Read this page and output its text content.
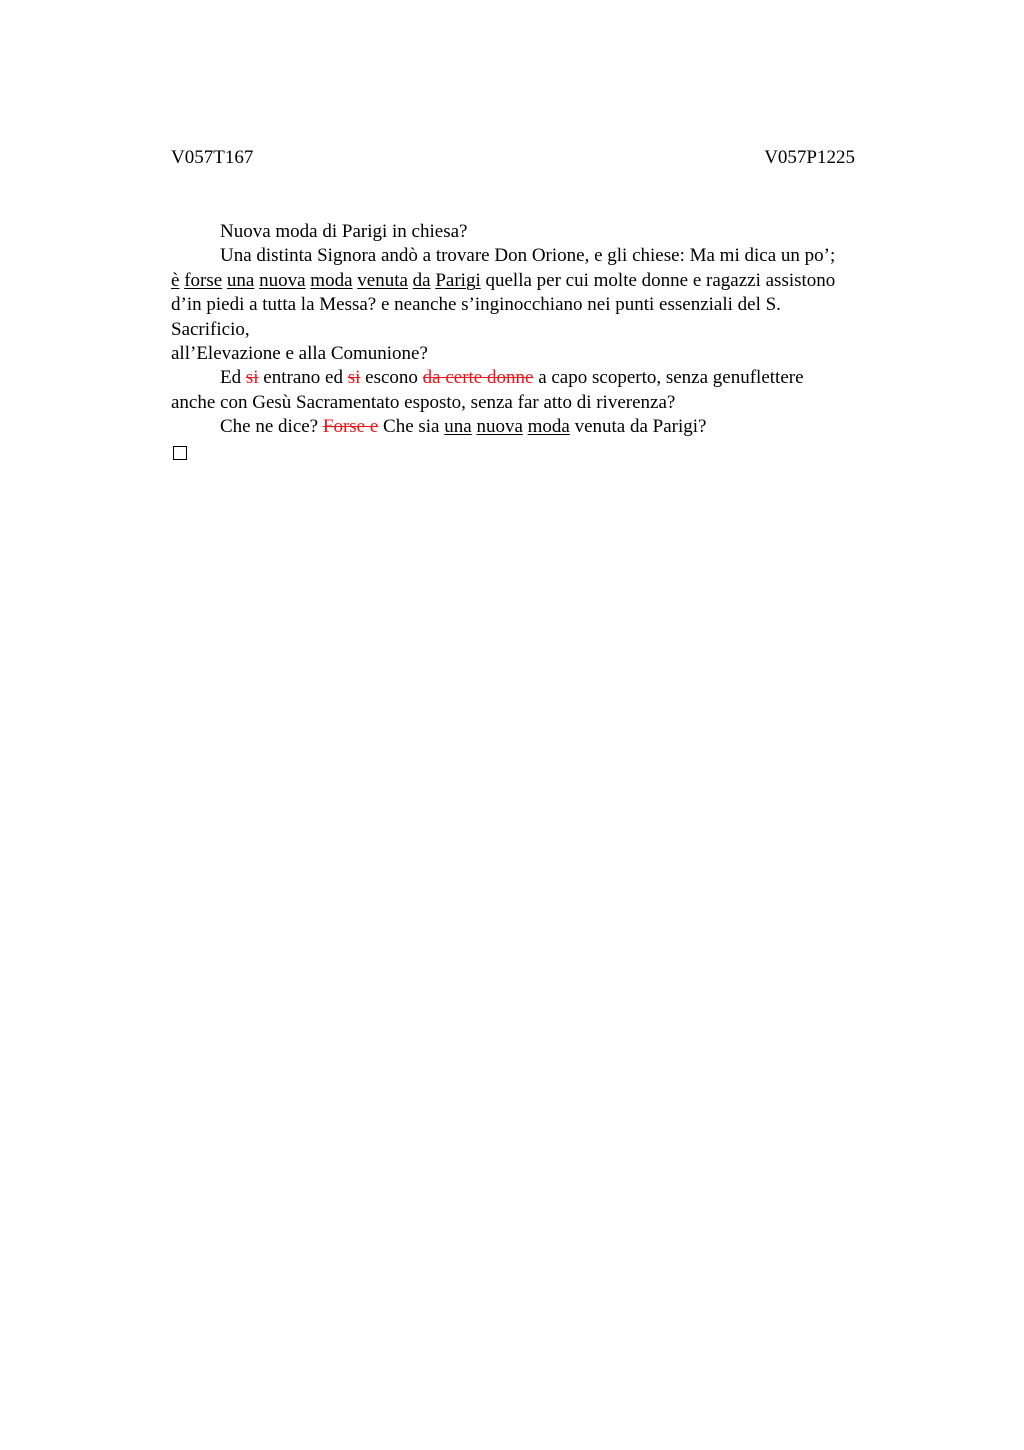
V057T167	V057P1225
Nuova moda di Parigi in chiesa?
Una distinta Signora andò a trovare Don Orione, e gli chiese: Ma mi dica un po’;
è forse una nuova moda venuta da Parigi quella per cui molte donne e ragazzi assistono
d’in piedi a tutta la Messa? e neanche s’inginocchiano nei punti essenziali del S.
Sacrificio,
all’Elevazione e alla Comunione?
Ed si entrano ed si escono da certe donne a capo scoperto, senza genuflettere
anche con Gesù Sacramentato esposto, senza far atto di riverenza?
Che ne dice? Forse e Che sia una nuova moda venuta da Parigi?
